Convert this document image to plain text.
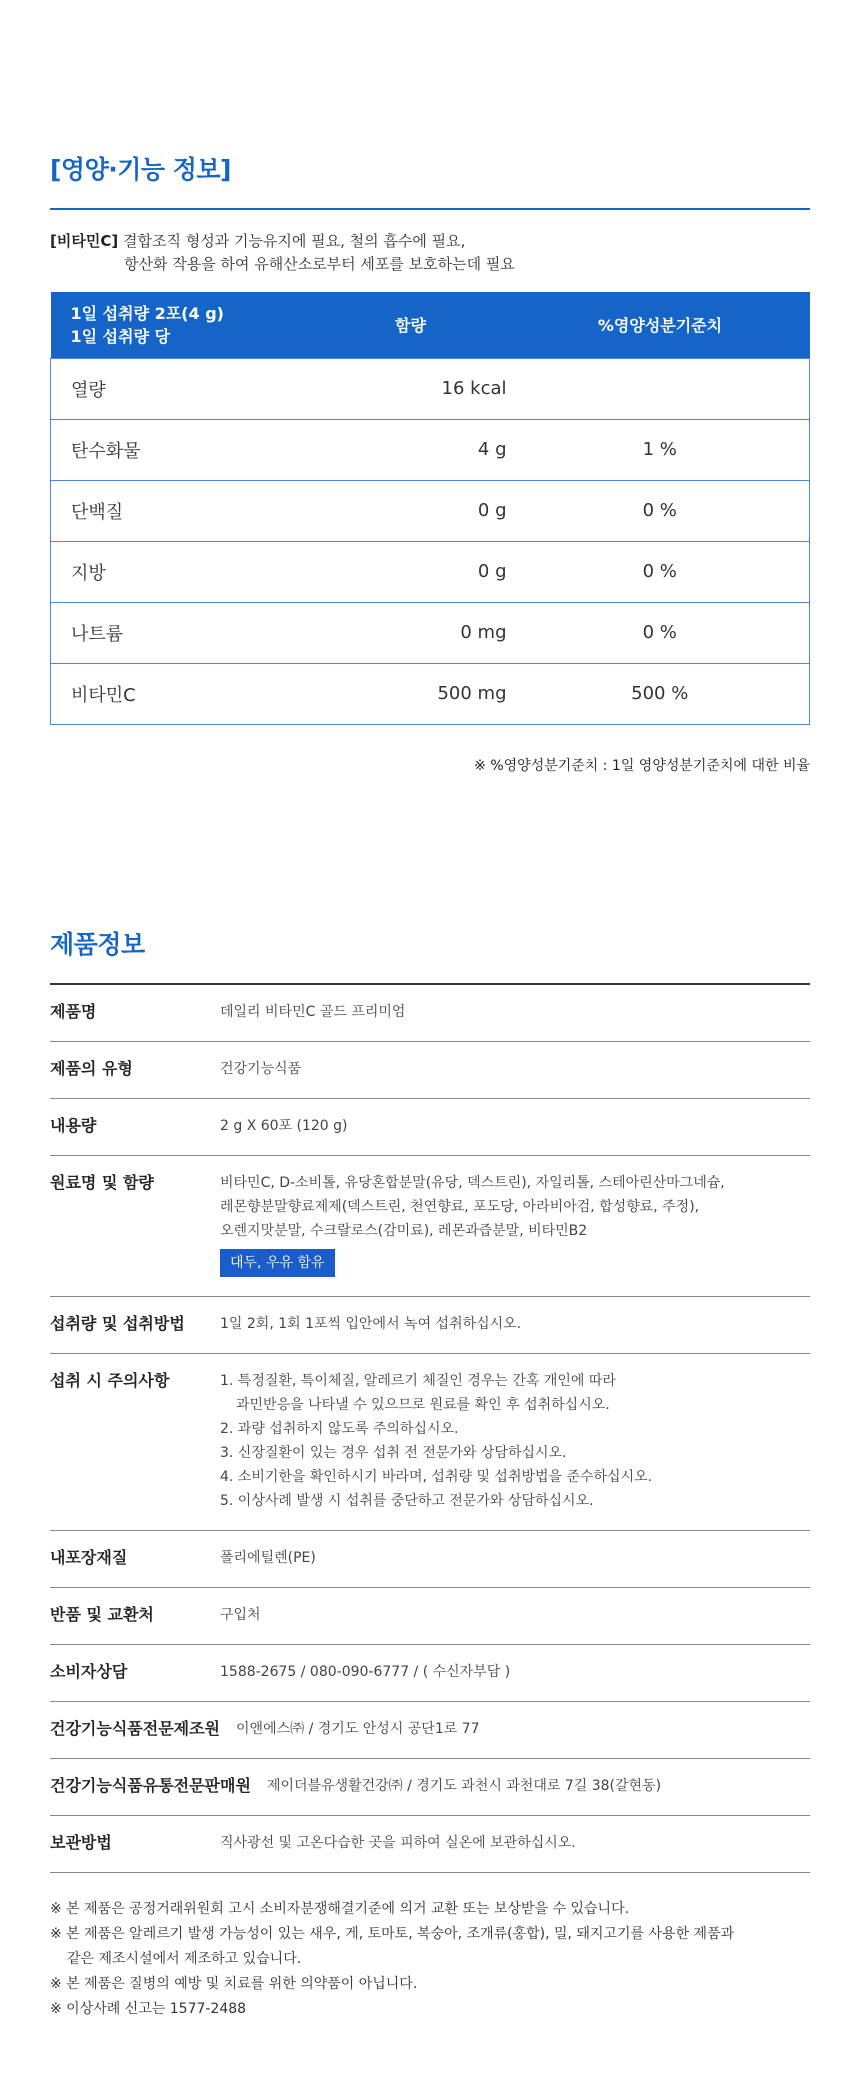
[영양·기능 정보]
[비타민C] 결합조직 형성과 기능유지에 필요, 철의 흡수에 필요,
항산화 작용을 하여 유해산소로부터 세포를 보호하는데 필요
1일 섭취량 2포(4 g)
1일 섭취량 당	함량	%영양성분기준치
열량	16 kcal	
탄수화물	4 g	1 %
단백질	0 g	0 %
지방	0 g	0 %
나트륨	0 mg	0 %
비타민C	500 mg	500 %

※ %영양성분기준치 : 1일 영양성분기준치에 대한 비율

제품정보
제품명	데일리 비타민C 골드 프리미엄
제품의 유형	건강기능식품
내용량	2 g X 60포 (120 g)
원료명 및 함량	비타민C, D-소비톨, 유당혼합분말(유당, 덱스트린), 자일리톨, 스테아린산마그네슘,
레몬향분말향료제제(덱스트린, 천연향료, 포도당, 아라비아검, 합성향료, 주정),
오렌지맛분말, 수크랄로스(감미료), 레몬과즙분말, 비타민B2
대두, 우유 함유
섭취량 및 섭취방법	1일 2회, 1회 1포씩 입안에서 녹여 섭취하십시오.
섭취 시 주의사항	1. 특정질환, 특이체질, 알레르기 체질인 경우는 간혹 개인에 따라
과민반응을 나타낼 수 있으므로 원료를 확인 후 섭취하십시오.
2. 과량 섭취하지 않도록 주의하십시오.
3. 신장질환이 있는 경우 섭취 전 전문가와 상담하십시오.
4. 소비기한을 확인하시기 바라며, 섭취량 및 섭취방법을 준수하십시오.
5. 이상사례 발생 시 섭취를 중단하고 전문가와 상담하십시오.
내포장재질	폴리에틸렌(PE)
반품 및 교환처	구입처
소비자상담	1588-2675 / 080-090-6777 / ( 수신자부담 )
건강기능식품전문제조원 이앤에스㈜ / 경기도 안성시 공단1로 77
건강기능식품유통전문판매원 제이더블유생활건강㈜ / 경기도 과천시 과천대로 7길 38(갈현동)
보관방법	직사광선 및 고온다습한 곳을 피하여 실온에 보관하십시오.
※ 본 제품은 공정거래위원회 고시 소비자분쟁해결기준에 의거 교환 또는 보상받을 수 있습니다.
※ 본 제품은 알레르기 발생 가능성이 있는 새우, 게, 토마토, 복숭아, 조개류(홍합), 밀, 돼지고기를 사용한 제품과
같은 제조시설에서 제조하고 있습니다.
※ 본 제품은 질병의 예방 및 치료를 위한 의약품이 아닙니다.
※ 이상사례 신고는 1577-2488
